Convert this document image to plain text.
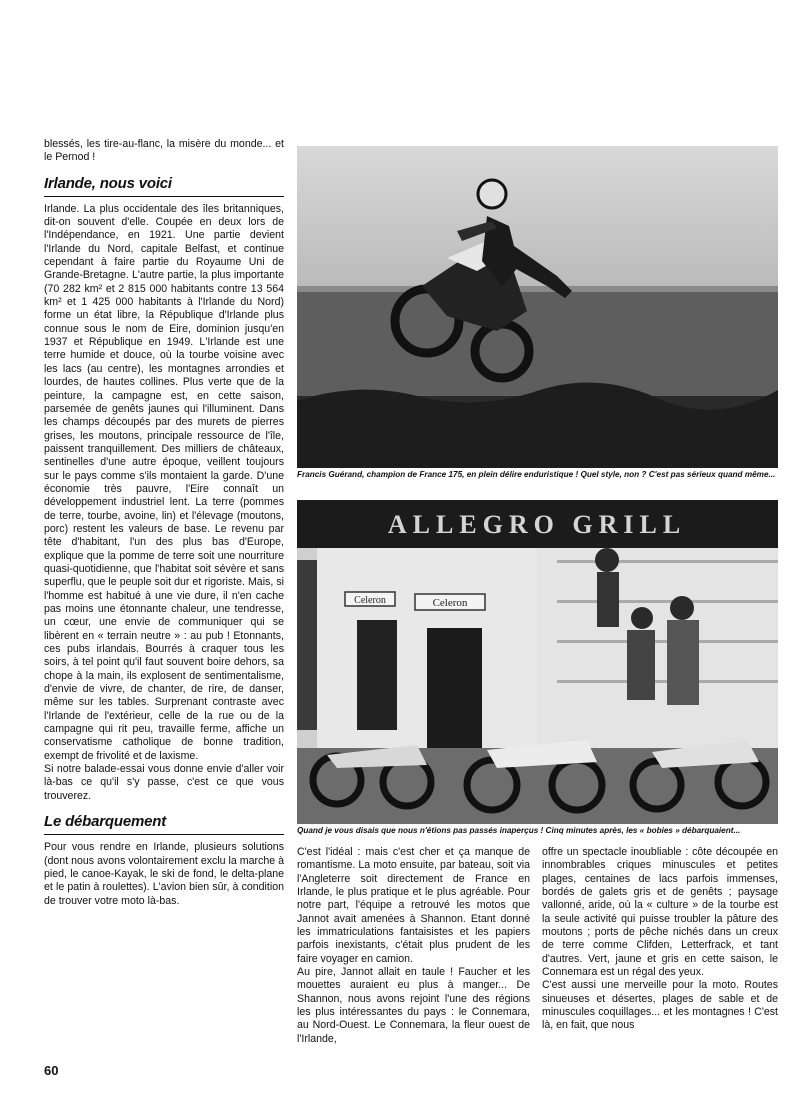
blessés, les tire-au-flanc, la misère du monde... et le Pernod !

Irlande, nous voici

Irlande. La plus occidentale des îles britanniques, dit-on souvent d'elle. Coupée en deux lors de l'Indépendance, en 1921. Une partie devient l'Irlande du Nord, capitale Belfast, et continue cependant à faire partie du Royaume Uni de Grande-Bretagne. L'autre partie, la plus importante (70 282 km² et 2 815 000 habitants contre 13 564 km² et 1 425 000 habitants à l'Irlande du Nord) forme un état libre, la République d'Irlande plus connue sous le nom de Eire, dominion jusqu'en 1937 et République en 1949. L'Irlande est une terre humide et douce, où la tourbe voisine avec les lacs (au centre), les montagnes arrondies et lourdes, de hautes collines. Plus verte que de la peinture, la campagne est, en cette saison, parsemée de genêts jaunes qui l'illuminent. Dans les champs découpés par des murets de pierres grises, les moutons, principale ressource de l'île, paissent tranquillement. Des milliers de châteaux, sentinelles d'une autre époque, veillent toujours sur le pays comme s'ils montaient la garde. D'une économie très pauvre, l'Eire connaît un développement industriel lent. La terre (pommes de terre, tourbe, avoine, lin) et l'élevage (moutons, porc) restent les valeurs de base. Le revenu par tête d'habitant, l'un des plus bas d'Europe, explique que la pomme de terre soit une nourriture quasi-quotidienne, que l'habitat soit sévère et sans superflu, que le peuple soit dur et rigoriste. Mais, si l'homme est habitué à une vie dure, il n'en cache pas moins une étonnante chaleur, une tendresse, un cœur, une envie de communiquer qui se libèrent en « terrain neutre » : au pub ! Etonnants, ces pubs irlandais. Bourrés à craquer tous les soirs, à tel point qu'il faut souvent boire dehors, sa chope à la main, ils explosent de sentimentalisme, d'envie de vivre, de chanter, de rire, de danser, même sur les tables. Surprenant contraste avec l'Irlande de l'extérieur, celle de la rue ou de la campagne qui rit peu, travaille ferme, affiche un conservatisme catholique de bonne tradition, exempt de frivolité et de laxisme.

Si notre balade-essai vous donne envie d'aller voir là-bas ce qu'il s'y passe, c'est ce que vous trouverez.

Le débarquement

Pour vous rendre en Irlande, plusieurs solutions (dont nous avons volontairement exclu la marche à pied, le canoe-Kayak, le ski de fond, le delta-plane et le patin à roulettes). L'avion bien sûr, à condition de trouver votre moto là-bas.

Francis Guérand, champion de France 175, en plein délire enduristique ! Quel style, non ? C'est pas sérieux quand même...
ALLEGRO GRILL
Celeron	Celeron
Quand je vous disais que nous n'étions pas passés inaperçus ! Cinq minutes après, les « bobies » débarquaient...

C'est l'idéal : mais c'est cher et ça manque de romantisme. La moto ensuite, par bateau, soit via l'Angleterre soit directement de France en Irlande, le plus pratique et le plus agréable. Pour notre part, l'équipe a retrouvé les motos que Jannot avait amenées à Shannon. Etant donné les immatriculations fantaisistes et les papiers parfois inexistants, c'était plus prudent de les faire voyager en camion.

Au pire, Jannot allait en taule ! Faucher et les mouettes auraient eu plus à manger... De Shannon, nous avons rejoint l'une des régions les plus intéressantes du pays : le Connemara, au Nord-Ouest. Le Connemara, la fleur ouest de l'Irlande,

offre un spectacle inoubliable : côte découpée en innombrables criques minuscules et petites plages, centaines de lacs parfois immenses, bordés de galets gris et de genêts ; paysage vallonné, aride, où la « culture » de la tourbe est la seule activité qui puisse troubler la pâture des moutons ; ports de pêche nichés dans un creux de terre comme Clifden, Letterfrack, et tant d'autres. Vert, jaune et gris en cette saison, le Connemara est un régal des yeux.

C'est aussi une merveille pour la moto. Routes sinueuses et désertes, plages de sable et de minuscules coquillages... et les montagnes ! C'est là, en fait, que nous

60
